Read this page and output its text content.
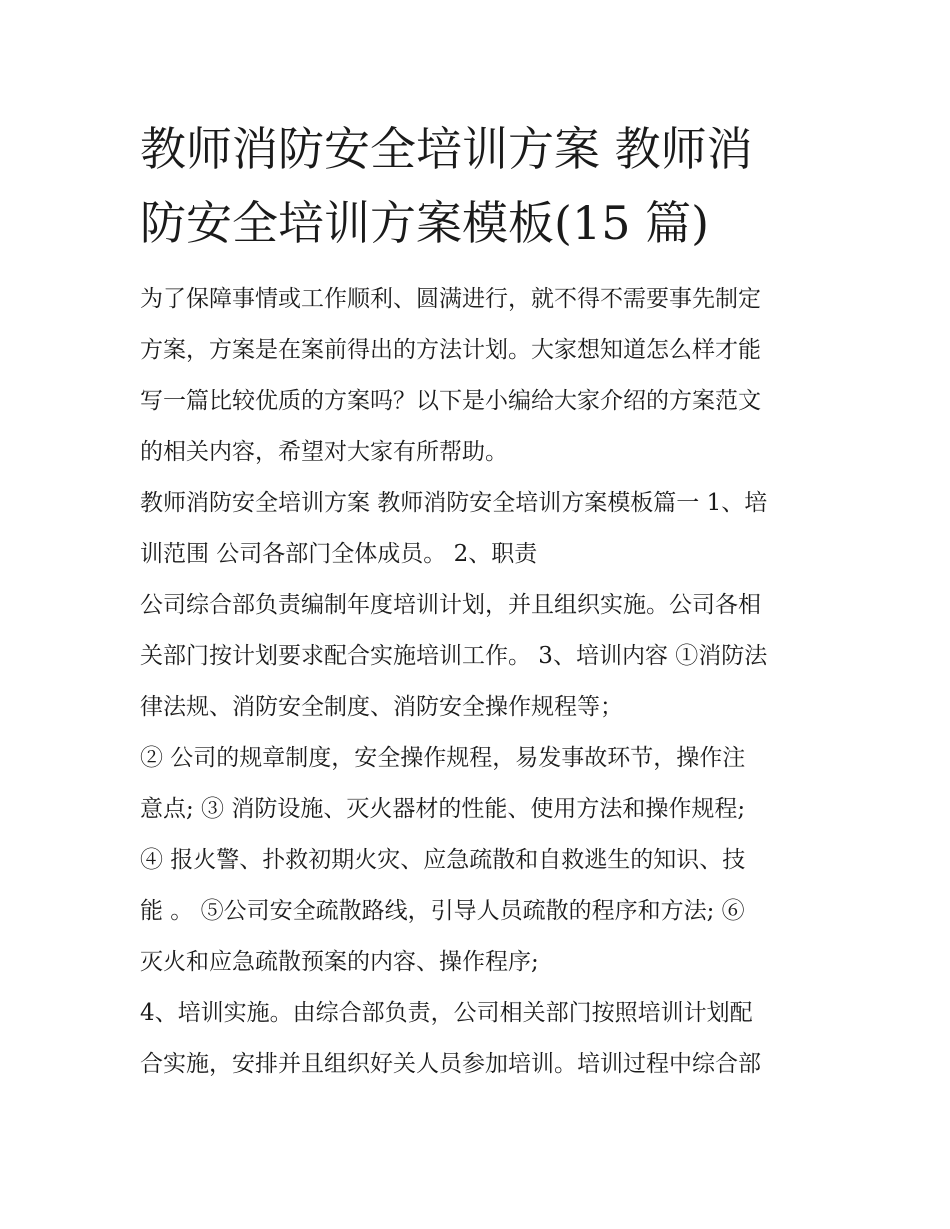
教师消防安全培训方案 教师消
防安全培训方案模板(15 篇)

为了保障事情或工作顺利、圆满进行，就不得不需要事先制定
方案，方案是在案前得出的方法计划。大家想知道怎么样才能
写一篇比较优质的方案吗？以下是小编给大家介绍的方案范文
的相关内容，希望对大家有所帮助。

教师消防安全培训方案 教师消防安全培训方案模板篇一 1、培
训范围 公司各部门全体成员。 2、职责

公司综合部负责编制年度培训计划，并且组织实施。公司各相
关部门按计划要求配合实施培训工作。 3、培训内容 ①消防法
律法规、消防安全制度、消防安全操作规程等；

② 公司的规章制度，安全操作规程，易发事故环节，操作注
意点; ③ 消防设施、灭火器材的性能、使用方法和操作规程;
④ 报火警、扑救初期火灾、应急疏散和自救逃生的知识、技
能 。 ⑤公司安全疏散路线，引导人员疏散的程序和方法; ⑥
灭火和应急疏散预案的内容、操作程序;

4、培训实施。由综合部负责，公司相关部门按照培训计划配
合实施，安排并且组织好关人员参加培训。培训过程中综合部
